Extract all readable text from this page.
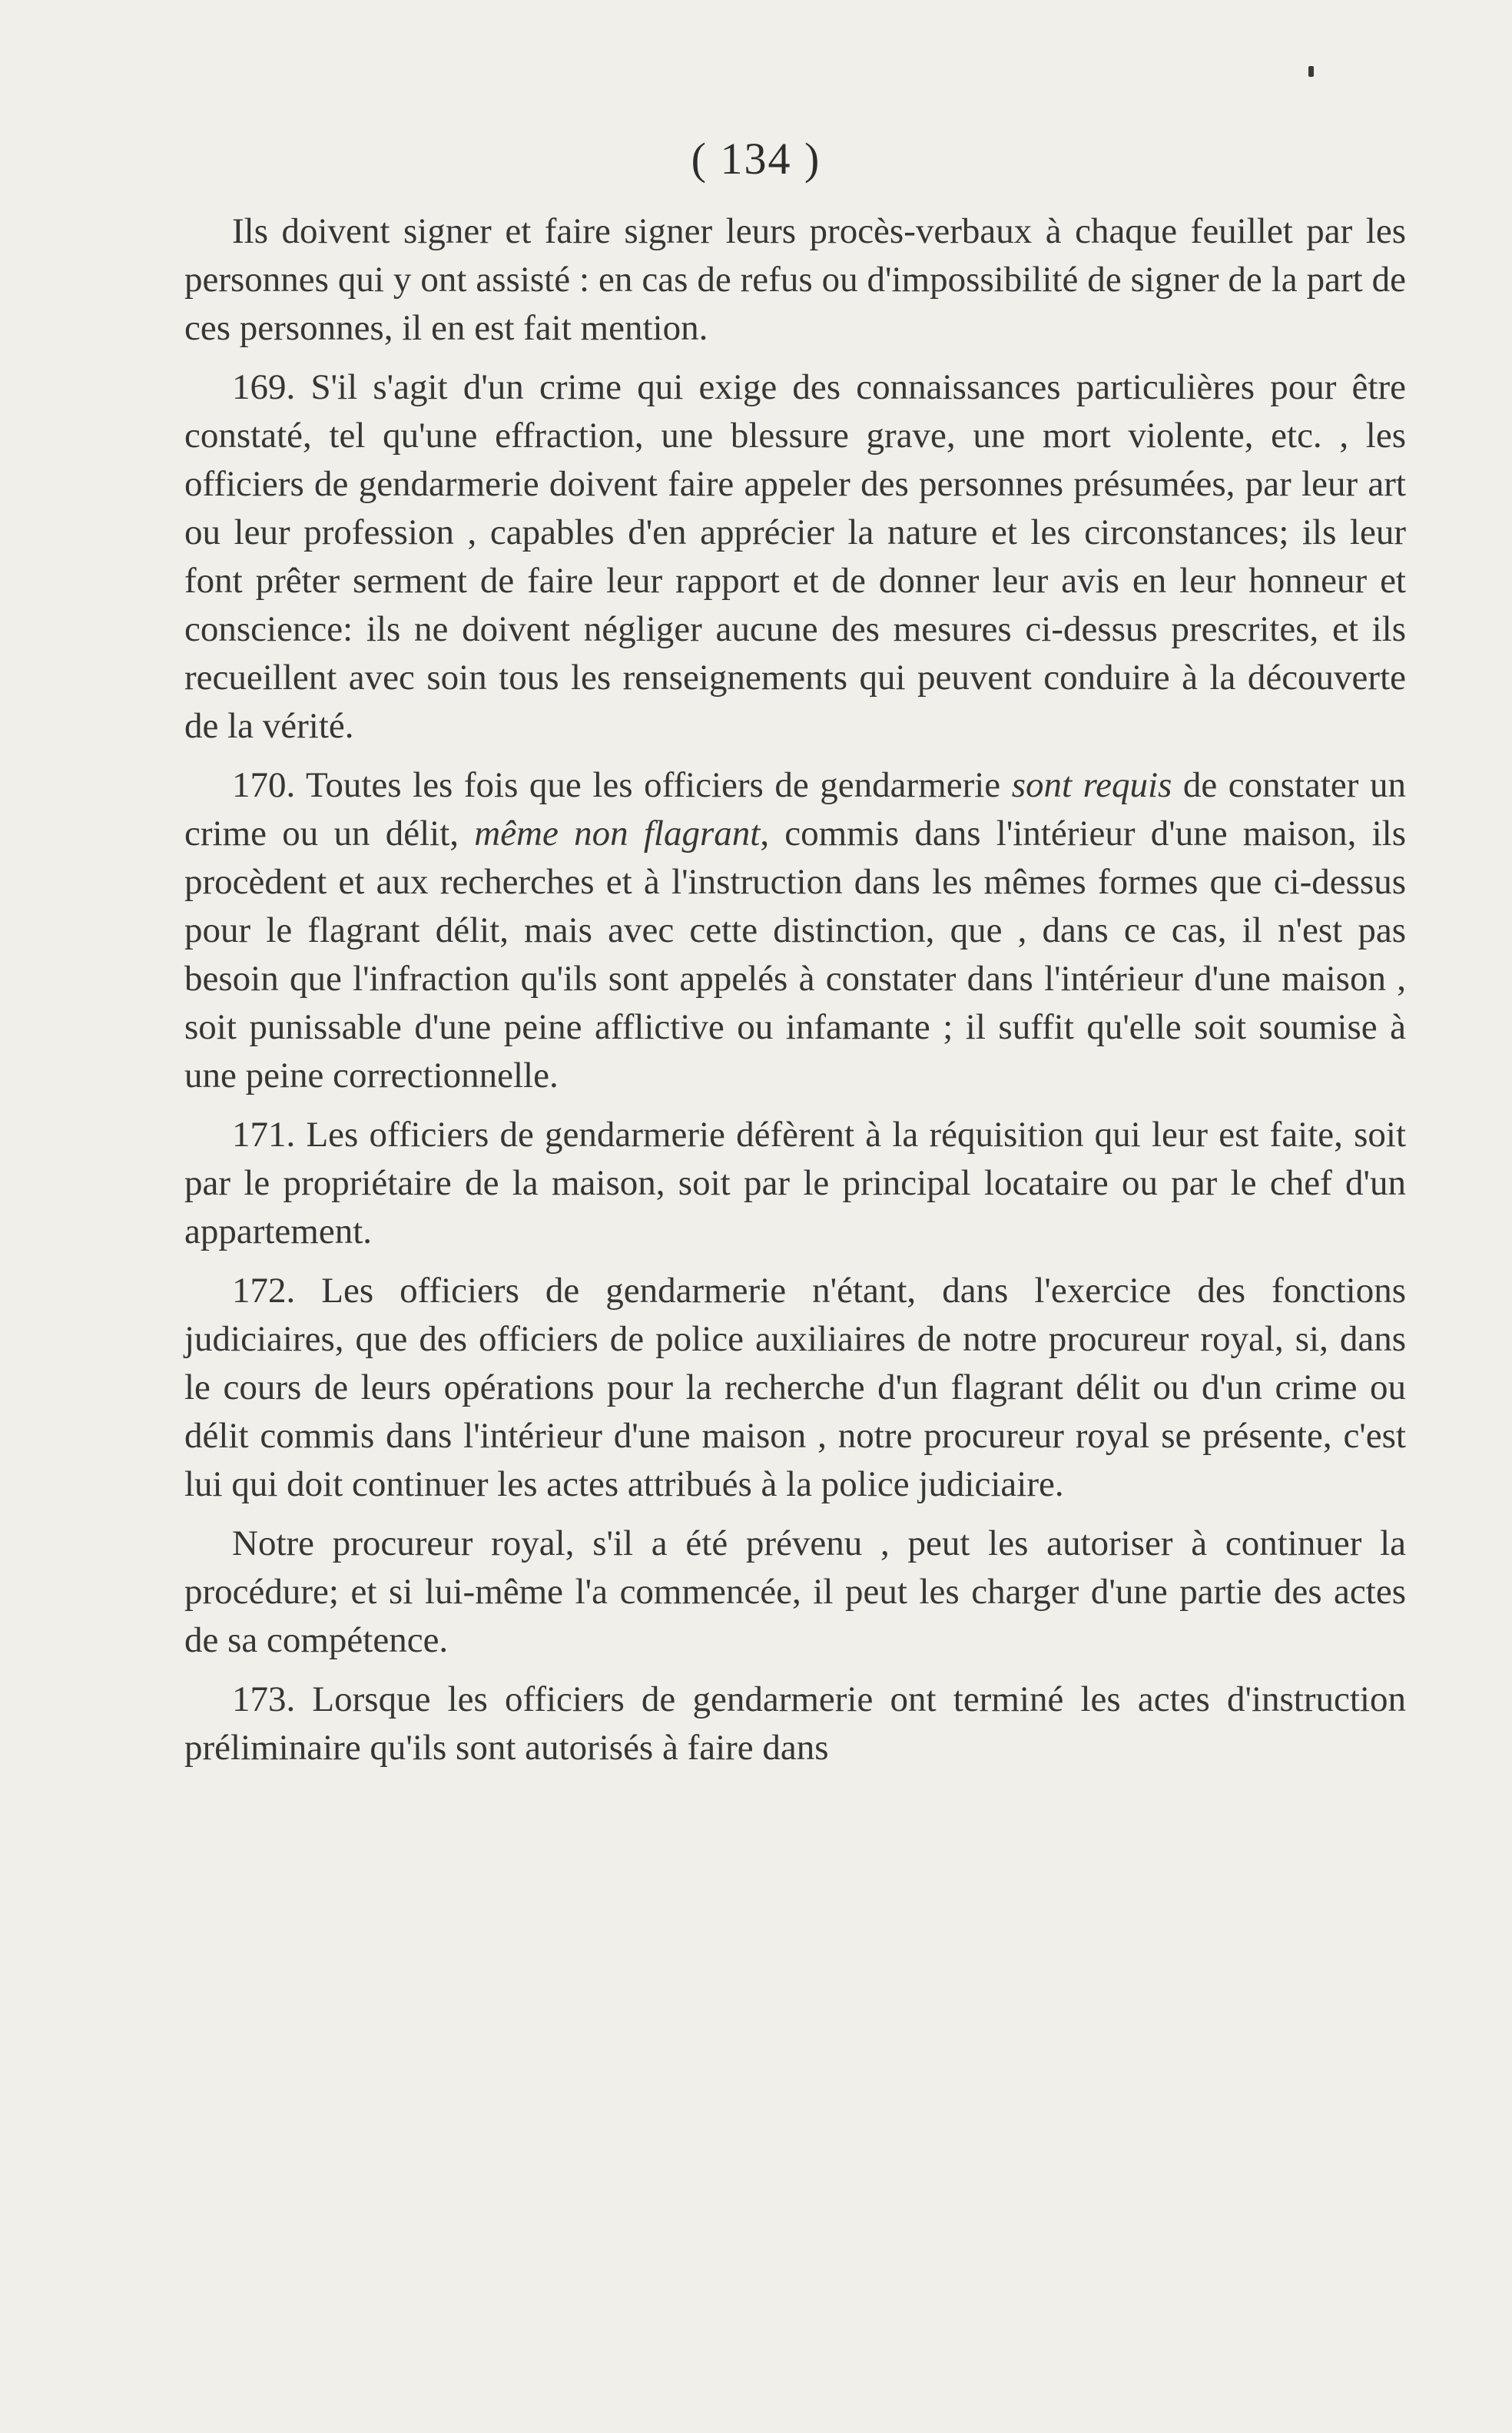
( 134 )

Ils doivent signer et faire signer leurs procès-verbaux à chaque feuillet par les personnes qui y ont assisté : en cas de refus ou d'impossibilité de signer de la part de ces personnes, il en est fait mention.

169. S'il s'agit d'un crime qui exige des connaissances particulières pour être constaté, tel qu'une effraction, une blessure grave, une mort violente, etc. , les officiers de gendarmerie doivent faire appeler des personnes présumées, par leur art ou leur profession , capables d'en apprécier la nature et les circonstances; ils leur font prêter serment de faire leur rapport et de donner leur avis en leur honneur et conscience: ils ne doivent négliger aucune des mesures ci-dessus prescrites, et ils recueillent avec soin tous les renseignements qui peuvent conduire à la découverte de la vérité.

170. Toutes les fois que les officiers de gendarmerie sont requis de constater un crime ou un délit, même non flagrant, commis dans l'intérieur d'une maison, ils procèdent et aux recherches et à l'instruction dans les mêmes formes que ci-dessus pour le flagrant délit, mais avec cette distinction, que , dans ce cas, il n'est pas besoin que l'infraction qu'ils sont appelés à constater dans l'intérieur d'une maison , soit punissable d'une peine afflictive ou infamante ; il suffit qu'elle soit soumise à une peine correctionnelle.

171. Les officiers de gendarmerie défèrent à la réquisition qui leur est faite, soit par le propriétaire de la maison, soit par le principal locataire ou par le chef d'un appartement.

172. Les officiers de gendarmerie n'étant, dans l'exercice des fonctions judiciaires, que des officiers de police auxiliaires de notre procureur royal, si, dans le cours de leurs opérations pour la recherche d'un flagrant délit ou d'un crime ou délit commis dans l'intérieur d'une maison , notre procureur royal se présente, c'est lui qui doit continuer les actes attribués à la police judiciaire.

Notre procureur royal, s'il a été prévenu , peut les autoriser à continuer la procédure; et si lui-même l'a commencée, il peut les charger d'une partie des actes de sa compétence.

173. Lorsque les officiers de gendarmerie ont terminé les actes d'instruction préliminaire qu'ils sont autorisés à faire dans
